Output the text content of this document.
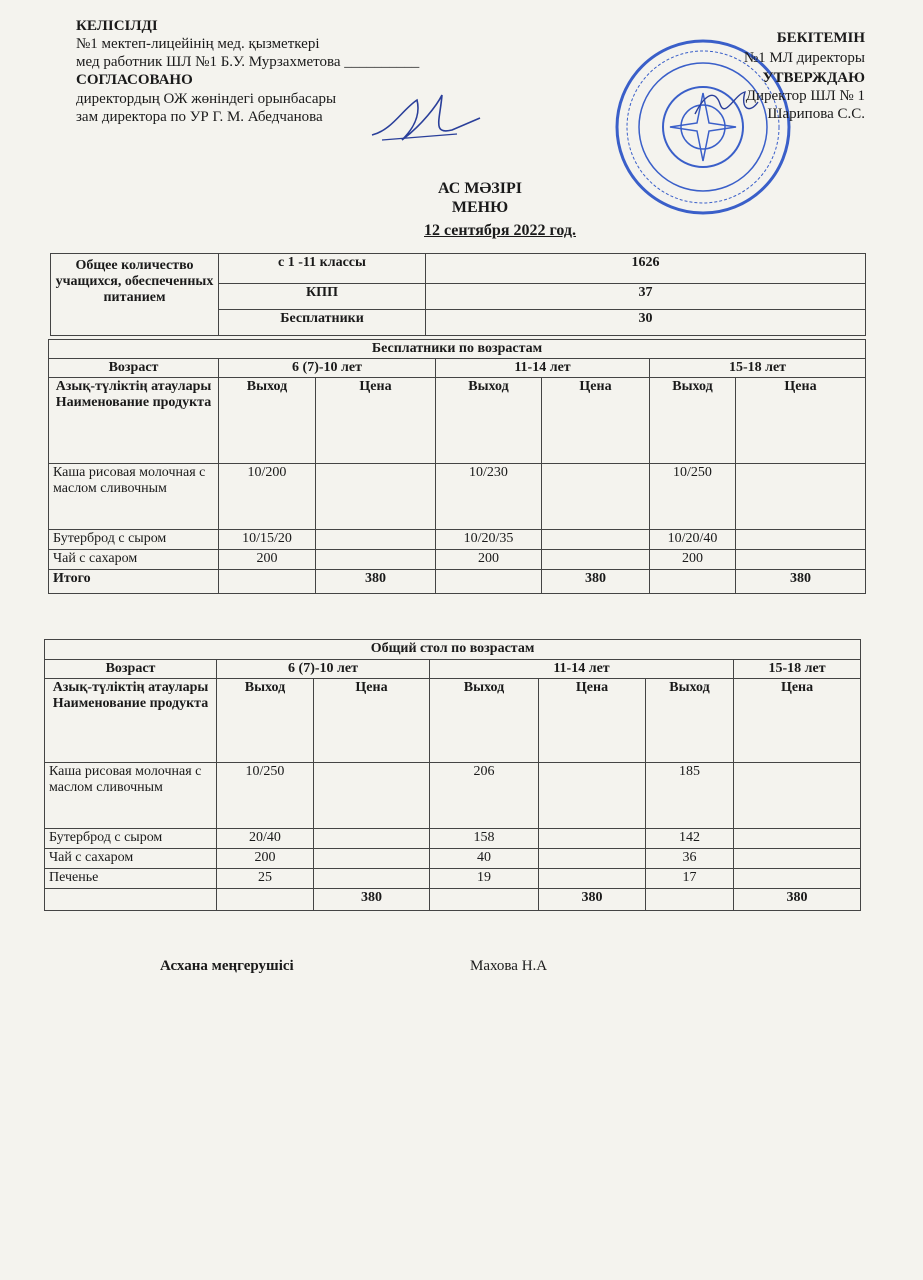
КЕЛІСІЛДІ
№1 мектеп-лицейінің мед. қызметкері
мед работник ШЛ №1 Б.У. Мурзахметова __________
СОГЛАСОВАНО
директордың ОЖ жөніндегі орынбасары
зам директора по УР Г. М. Абедчанова
БЕКІТЕМІН
№1 МЛ директоры
УТВЕРЖДАЮ
Директор ШЛ № 1
Шарипова С.С.
АС МӘЗІРІ
МЕНЮ
12 сентября 2022 год.
Общее количество учащихся, обеспеченных питанием	с 1 -11 классы	1626
	КПП	37
	Бесплатники	30
Бесплатники по возрастам						
Возраст	6 (7)-10 лет		11-14 лет		15-18 лет	
Азық-түліктің атаулары Наименование продукта	Выход	Цена	Выход	Цена	Выход	Цена
Каша рисовая молочная с маслом сливочным	10/200		10/230		10/250	
Бутерброд с сыром	10/15/20		10/20/35		10/20/40	
Чай с сахаром	200		200		200	
Итого		380		380		380
Общий стол по возрастам						
Возраст	6 (7)-10 лет		11-14 лет			15-18 лет
Азық-түліктің атаулары Наименование продукта	Выход	Цена	Выход	Цена	Выход	Цена
Каша рисовая молочная с маслом сливочным	10/250		206		185	
Бутерброд с сыром	20/40		158		142	
Чай с сахаром	200		40		36	
Печенье	25		19		17	
		380		380		380
Асхана меңгерушісі	Махова Н.А
